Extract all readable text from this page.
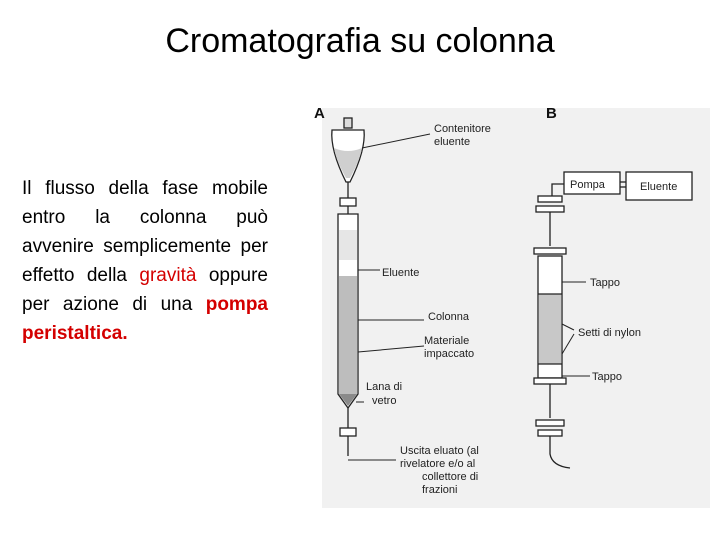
Cromatografia su colonna
Il flusso della fase mobile entro la colonna può avvenire semplicemente per effetto della gravità oppure per azione di una pompa peristaltica.
A	B
Contenitore
eluente
Eluente
Colonna
Materiale
impaccato
Lana di
vetro
Uscita eluato (al
rivelatore e/o al
collettore di
frazioni
Pompa	Eluente
Tappo
Setti di nylon
Tappo
